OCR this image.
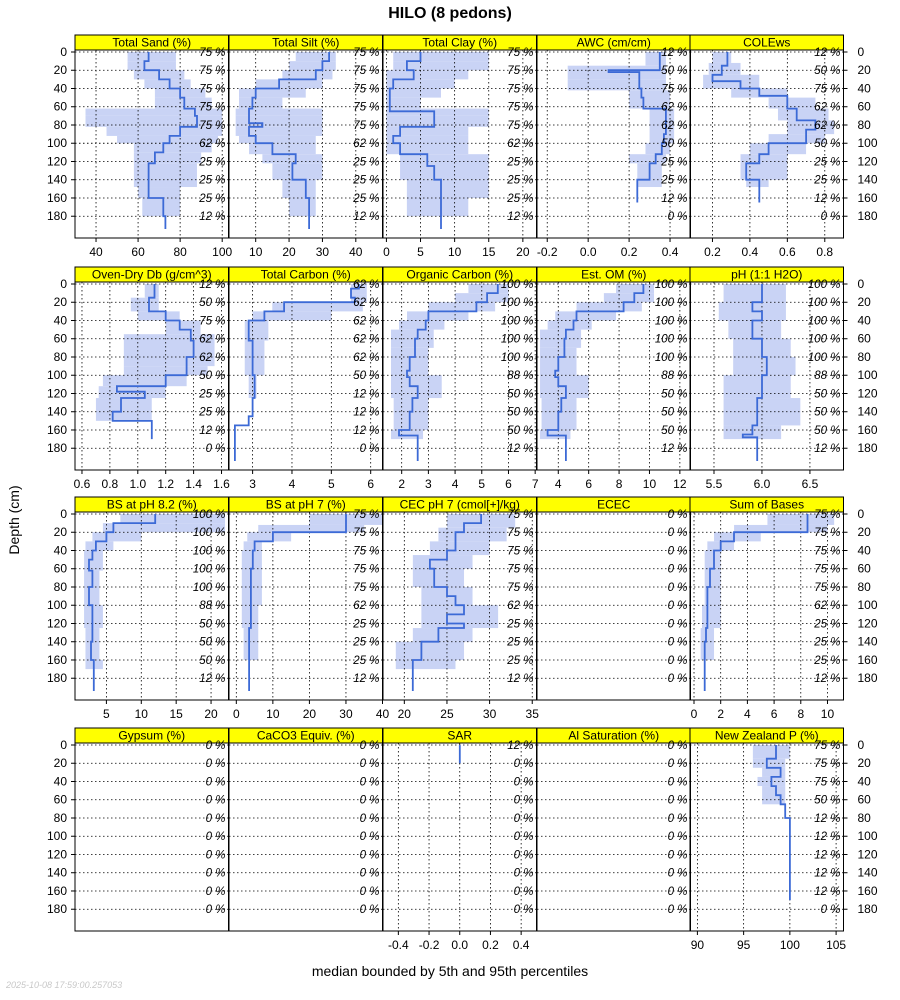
HILO (8 pedons)
Depth (cm)
median bounded by 5th and 95th percentiles
2025-10-08 17:59:00.257053
Total Sand (%)
75 %
75 %
75 %
75 %
75 %
62 %
25 %
25 %
25 %
12 %
Total Silt (%)
75 %
75 %
75 %
75 %
75 %
62 %
25 %
25 %
25 %
12 %
Total Clay (%)
75 %
75 %
75 %
75 %
75 %
62 %
25 %
25 %
25 %
12 %
AWC (cm/cm)
12 %
50 %
75 %
62 %
62 %
50 %
25 %
25 %
12 %
0 %
COLEws
12 %
50 %
75 %
62 %
62 %
50 %
25 %
25 %
12 %
0 %
Oven-Dry Db (g/cm^3)
12 %
50 %
75 %
62 %
62 %
50 %
25 %
25 %
12 %
0 %
Total Carbon (%)
62 %
62 %
62 %
62 %
62 %
50 %
12 %
12 %
12 %
0 %
Organic Carbon (%)
100 %
100 %
100 %
100 %
100 %
88 %
50 %
50 %
50 %
12 %
Est. OM (%)
100 %
100 %
100 %
100 %
100 %
88 %
50 %
50 %
50 %
12 %
pH (1:1 H2O)
100 %
100 %
100 %
100 %
100 %
88 %
50 %
50 %
50 %
12 %
BS at pH 8.2 (%)
100 %
100 %
100 %
100 %
100 %
88 %
50 %
50 %
50 %
12 %
BS at pH 7 (%)
75 %
75 %
75 %
75 %
75 %
62 %
25 %
25 %
25 %
12 %
CEC pH 7 (cmol[+]/kg)
75 %
75 %
75 %
75 %
75 %
62 %
25 %
25 %
25 %
12 %
ECEC
0 %
0 %
0 %
0 %
0 %
0 %
0 %
0 %
0 %
0 %
Sum of Bases
75 %
75 %
75 %
75 %
75 %
62 %
25 %
25 %
25 %
12 %
Gypsum (%)
0 %
0 %
0 %
0 %
0 %
0 %
0 %
0 %
0 %
0 %
CaCO3 Equiv. (%)
0 %
0 %
0 %
0 %
0 %
0 %
0 %
0 %
0 %
0 %
SAR
12 %
0 %
0 %
0 %
0 %
0 %
0 %
0 %
0 %
0 %
Al Saturation (%)
0 %
0 %
0 %
0 %
0 %
0 %
0 %
0 %
0 %
0 %
New Zealand P (%)
75 %
75 %
75 %
50 %
12 %
12 %
12 %
12 %
12 %
0 %
0	0
20	20
40	40
60	60
80	80
100	100
120	120
140	140
160	160
180	180
0	0
20	20
40	40
60	60
80	80
100	100
120	120
140	140
160	160
180	180
0	0
20	20
40	40
60	60
80	80
100	100
120	120
140	140
160	160
180	180
0	0
20	20
40	40
60	60
80	80
100	100
120	120
140	140
160	160
180	180
40 60 80 100 10 20 30 40 0 5 10 15 20 -0.2 0.0 0.2 0.4 0.2 0.4 0.6 0.8
0.6 0.8 1.0 1.2 1.4 1.6 3	4	5	6 2 3 4 5 6 7 4 6 8 10 12 5.5	6.0	6.5
5 10 15 20 0 10 20 30 40 20 25 30 35	0 2 4 6 8 10
-0.4 -0.2 0.0 0.2 0.4	90	95 100 105
